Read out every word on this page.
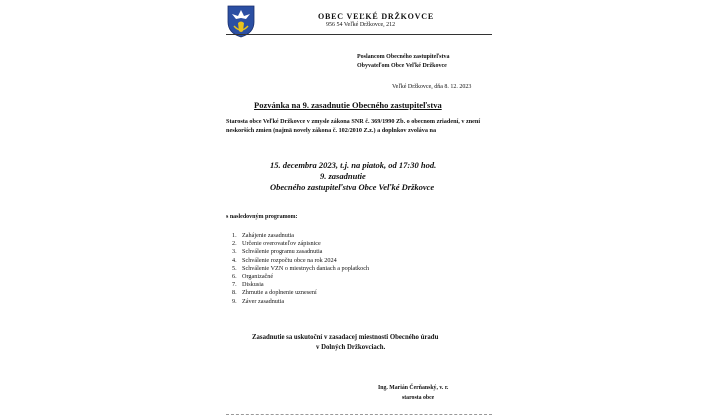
OBEC VEĽKÉ DRŽKOVCE
956 54 Veľké Držkovce, 212
Poslancom Obecného zastupiteľstva
Obyvateľom Obce Veľké Držkovce
Veľké Držkovce, dňa 8. 12. 2023
Pozvánka na 9. zasadnutie Obecného zastupiteľstva
Starosta obce Veľké Držkovce v zmysle zákona SNR č. 369/1990 Zb. o obecnom zriadení, v znení neskorších zmien (najmä novely zákona č. 102/2010 Z.z.) a doplnkov zvoláva na
15. decembra 2023, t.j. na piatok, od 17:30 hod.
9. zasadnutie
Obecného zastupiteľstva Obce Veľké Držkovce
s nasledovným programom:
1. Zahájenie zasadnutia
2. Určenie overovateľov zápisnice
3. Schválenie programu zasadnutia
4. Schválenie rozpočtu obce na rok 2024
5. Schválenie VZN o miestnych daniach a poplatkoch
6. Organizačné
7. Diskusia
8. Zhrnutie a doplnenie uznesení
9. Záver zasadnutia
Zasadnutie sa uskutoční v zasadacej miestnosti Obecného úradu
v Dolných Držkovciach.
Ing. Marián Čerňanský, v. r.
starosta obce
